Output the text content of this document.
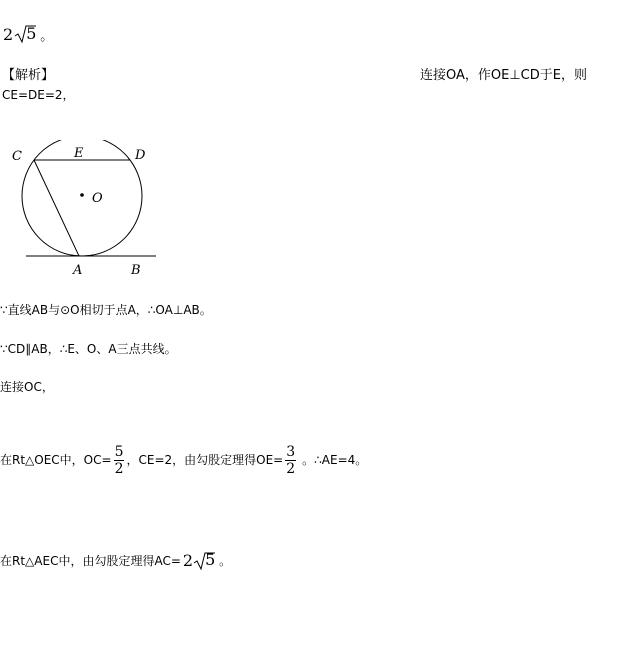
2 5 。
【解析】	连接OA，作OE⊥CD于E，则
CE=DE=2，
C	E	D
O
A	B
∵直线AB与⊙O相切于点A，∴OA⊥AB。
∵CD∥AB，∴E、O、A三点共线。
连接OC，
在Rt△OEC中，$OC= \frac{5}{2}$ ，CE=2，由勾股定理得$OE= \frac{3}{2}$ 。∴AE=4。
在Rt△AEC中，由勾股定理得AC= 2 5 。
